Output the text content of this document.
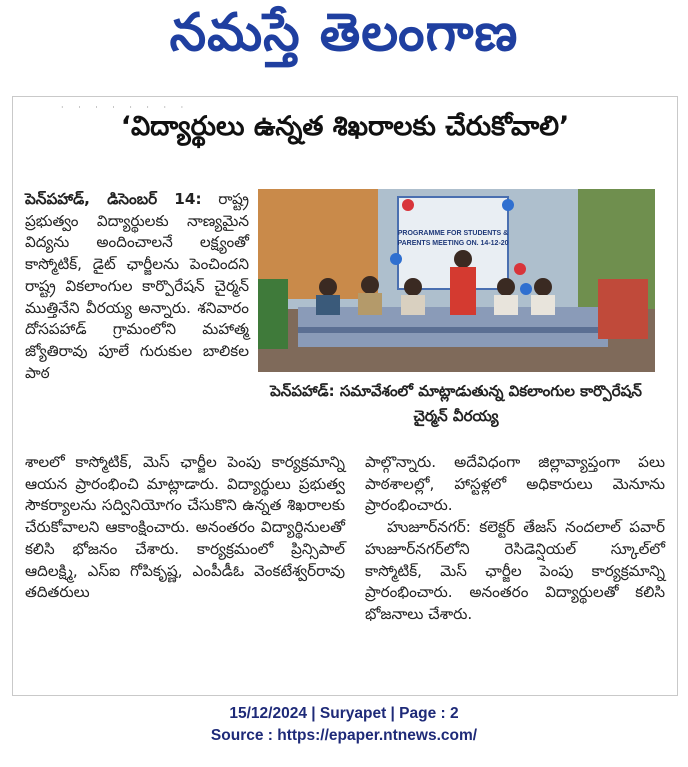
నమస్తే తెలంగాణ
· · · · · · · ·
‘విద్యార్థులు ఉన్నత శిఖరాలకు చేరుకోవాలి’

పెన్‌పహాడ్‌, డిసెంబర్‌ 14: రాష్ట్ర ప్రభుత్వం విద్యార్థులకు నాణ్యమైన విద్యను అందించాలనే లక్ష్యంతో కాస్మోటిక్‌, డైట్‌ ఛార్జీలను పెంచిందని రాష్ట్ర వికలాంగుల కార్పొరేషన్‌ చైర్మన్‌ ముత్తినేని వీరయ్య అన్నారు. శనివారం దోసపహాడ్‌ గ్రామంలోని మహాత్మ జ్యోతిరావు పూలే గురుకుల బాలికల పాఠ

PROGRAMME FOR STUDENTS &
PARENTS MEETING ON. 14-12-20
పెన్‌పహాడ్‌: సమావేశంలో మాట్లాడుతున్న వికలాంగుల కార్పొరేషన్‌ చైర్మన్‌ వీరయ్య

శాలలో కాస్మోటిక్‌, మెస్‌ ఛార్జీల పెంపు కార్యక్రమాన్ని ఆయన ప్రారంభించి మాట్లాడారు. విద్యార్థులు ప్రభుత్వ సౌకర్యాలను సద్వినియోగం చేసుకొని ఉన్నత శిఖరాలకు చేరుకోవాలని ఆకాంక్షించారు. అనంతరం విద్యార్థినులతో కలిసి భోజనం చేశారు. కార్యక్రమంలో ప్రిన్సిపాల్‌ ఆదిలక్ష్మి, ఎస్‌ఐ గోపికృష్ణ, ఎంపీడీఓ వెంకటేశ్వర్‌రావు తదితరులు

పాల్గొన్నారు. అదేవిధంగా జిల్లావ్యాప్తంగా పలు పాఠశాలల్లో, హాస్టళ్లలో అధికారులు మెనూను ప్రారంభించారు.

హుజూర్‌నగర్‌: కలెక్టర్‌ తేజస్‌ నందలాల్‌ పవార్‌ హుజూర్‌నగర్‌లోని రెసిడెన్షియల్‌ స్కూల్‌లో కాస్మోటిక్‌, మెస్‌ ఛార్జీల పెంపు కార్యక్రమాన్ని ప్రారంభించారు. అనంతరం విద్యార్థులతో కలిసి భోజనాలు చేశారు.

15/12/2024 | Suryapet | Page : 2
Source : https://epaper.ntnews.com/
